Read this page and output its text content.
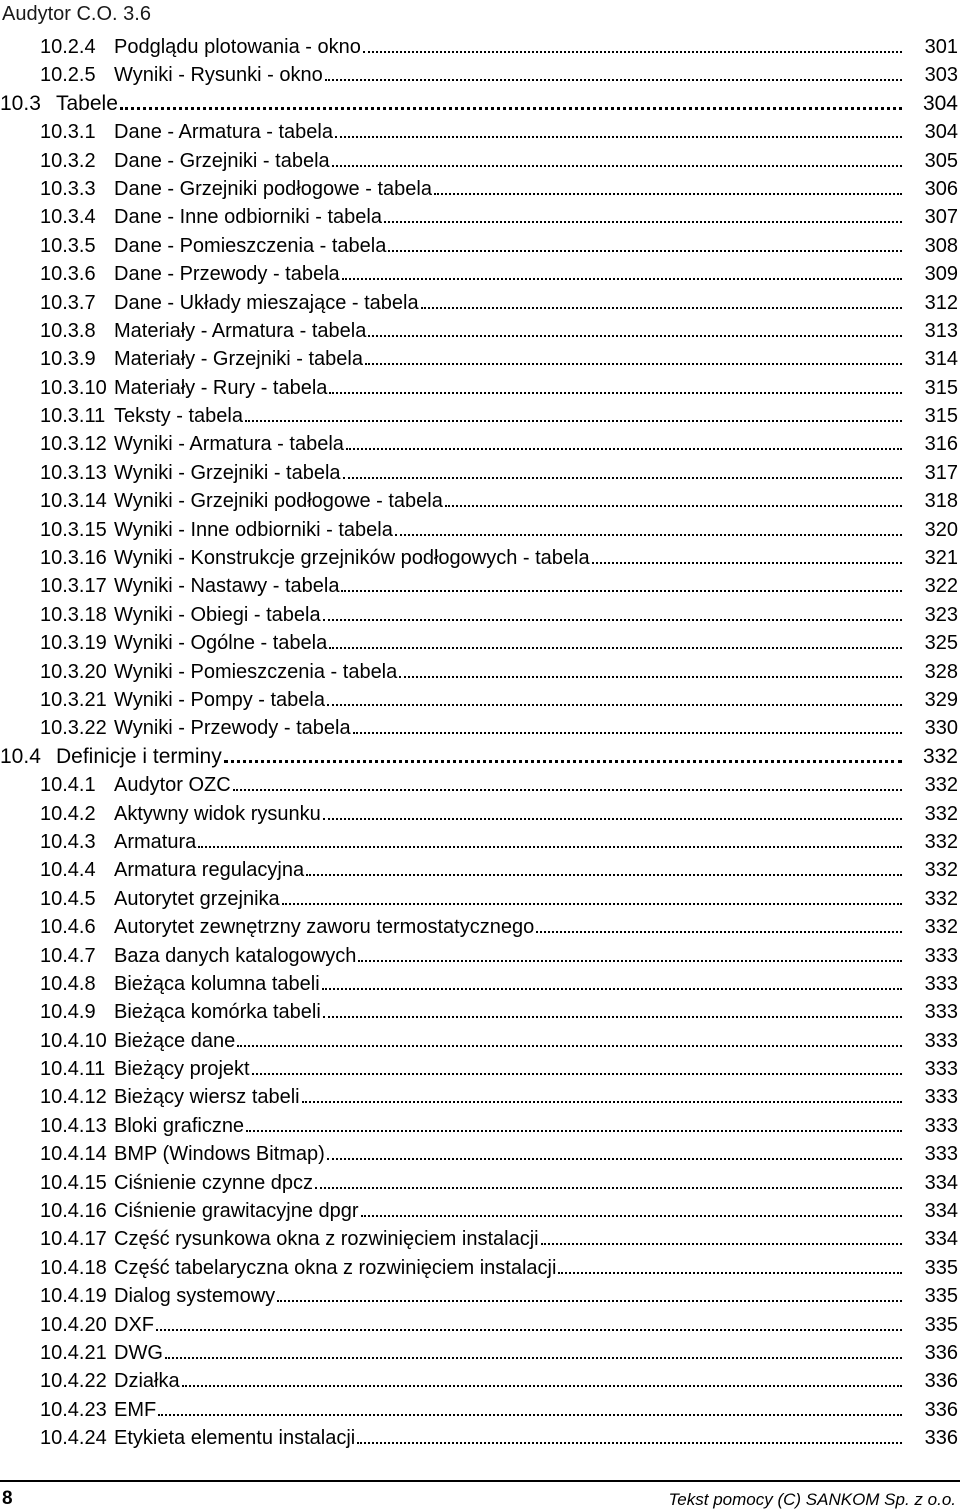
Audytor C.O. 3.6
10.2.4 Podglądu plotowania - okno	301
10.2.5 Wyniki - Rysunki - okno	303
10.3 Tabele	304
10.3.1 Dane - Armatura - tabela	304
10.3.2 Dane - Grzejniki - tabela	305
10.3.3 Dane - Grzejniki podłogowe - tabela	306
10.3.4 Dane - Inne odbiorniki - tabela	307
10.3.5 Dane - Pomieszczenia - tabela	308
10.3.6 Dane - Przewody - tabela	309
10.3.7 Dane - Układy mieszające - tabela	312
10.3.8 Materiały - Armatura - tabela	313
10.3.9 Materiały - Grzejniki - tabela	314
10.3.10 Materiały - Rury - tabela	315
10.3.11 Teksty - tabela	315
10.3.12 Wyniki - Armatura - tabela	316
10.3.13 Wyniki - Grzejniki - tabela	317
10.3.14 Wyniki - Grzejniki podłogowe - tabela	318
10.3.15 Wyniki - Inne odbiorniki - tabela	320
10.3.16 Wyniki - Konstrukcje grzejników podłogowych - tabela	321
10.3.17 Wyniki - Nastawy - tabela	322
10.3.18 Wyniki - Obiegi - tabela	323
10.3.19 Wyniki - Ogólne - tabela	325
10.3.20 Wyniki - Pomieszczenia - tabela	328
10.3.21 Wyniki - Pompy - tabela	329
10.3.22 Wyniki - Przewody - tabela	330
10.4 Definicje i terminy	332
10.4.1 Audytor OZC	332
10.4.2 Aktywny widok rysunku	332
10.4.3 Armatura	332
10.4.4 Armatura regulacyjna	332
10.4.5 Autorytet grzejnika	332
10.4.6 Autorytet zewnętrzny zaworu termostatycznego	332
10.4.7 Baza danych katalogowych	333
10.4.8 Bieżąca kolumna tabeli	333
10.4.9 Bieżąca komórka tabeli	333
10.4.10 Bieżące dane	333
10.4.11 Bieżący projekt	333
10.4.12 Bieżący wiersz tabeli	333
10.4.13 Bloki graficzne	333
10.4.14 BMP (Windows Bitmap)	333
10.4.15 Ciśnienie czynne dpcz	334
10.4.16 Ciśnienie grawitacyjne dpgr	334
10.4.17 Część rysunkowa okna z rozwinięciem instalacji	334
10.4.18 Część tabelaryczna okna z rozwinięciem instalacji	335
10.4.19 Dialog systemowy	335
10.4.20 DXF	335
10.4.21 DWG	336
10.4.22 Działka	336
10.4.23 EMF	336
10.4.24 Etykieta elementu instalacji	336
8	Tekst pomocy (C) SANKOM Sp. z o.o.
